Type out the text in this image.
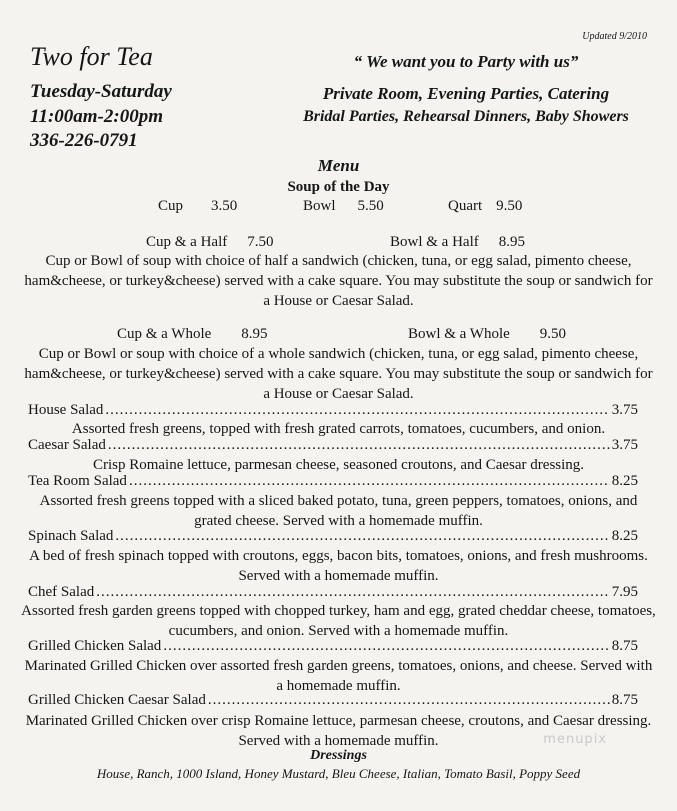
Updated 9/2010
Two for Tea
Tuesday-Saturday
11:00am-2:00pm
336-226-0791
“ We want you to Party with us”
Private Room, Evening Parties, Catering
Bridal Parties, Rehearsal Dinners, Baby Showers
Menu
Soup of the Day
Cup 3.50	Bowl 5.50	Quart 9.50
Cup & a Half 7.50	Bowl & a Half 8.95
Cup or Bowl of soup with choice of half a sandwich (chicken, tuna, or egg salad, pimento cheese, ham&cheese, or turkey&cheese) served with a cake square. You may substitute the soup or sandwich for a House or Caesar Salad.
Cup & a Whole 8.95	Bowl & a Whole 9.50
Cup or Bowl or soup with choice of a whole sandwich (chicken, tuna, or egg salad, pimento cheese, ham&cheese, or turkey&cheese) served with a cake square. You may substitute the soup or sandwich for a House or Caesar Salad.
House Salad .....	3.75
Assorted fresh greens, topped with fresh grated carrots, tomatoes, cucumbers, and onion.
Caesar Salad .....	3.75
Crisp Romaine lettuce, parmesan cheese, seasoned croutons, and Caesar dressing.
Tea Room Salad .....	8.25
Assorted fresh greens topped with a sliced baked potato, tuna, green peppers, tomatoes, onions, and grated cheese. Served with a homemade muffin.
Spinach Salad .....	8.25
A bed of fresh spinach topped with croutons, eggs, bacon bits, tomatoes, onions, and fresh mushrooms. Served with a homemade muffin.
Chef Salad .....	7.95
Assorted fresh garden greens topped with chopped turkey, ham and egg, grated cheddar cheese, tomatoes, cucumbers, and onion. Served with a homemade muffin.
Grilled Chicken Salad .....	8.75
Marinated Grilled Chicken over assorted fresh garden greens, tomatoes, onions, and cheese. Served with a homemade muffin.
Grilled Chicken Caesar Salad .....	8.75
Marinated Grilled Chicken over crisp Romaine lettuce, parmesan cheese, croutons, and Caesar dressing. Served with a homemade muffin.
Dressings
House, Ranch, 1000 Island, Honey Mustard, Bleu Cheese, Italian, Tomato Basil, Poppy Seed
menupix
